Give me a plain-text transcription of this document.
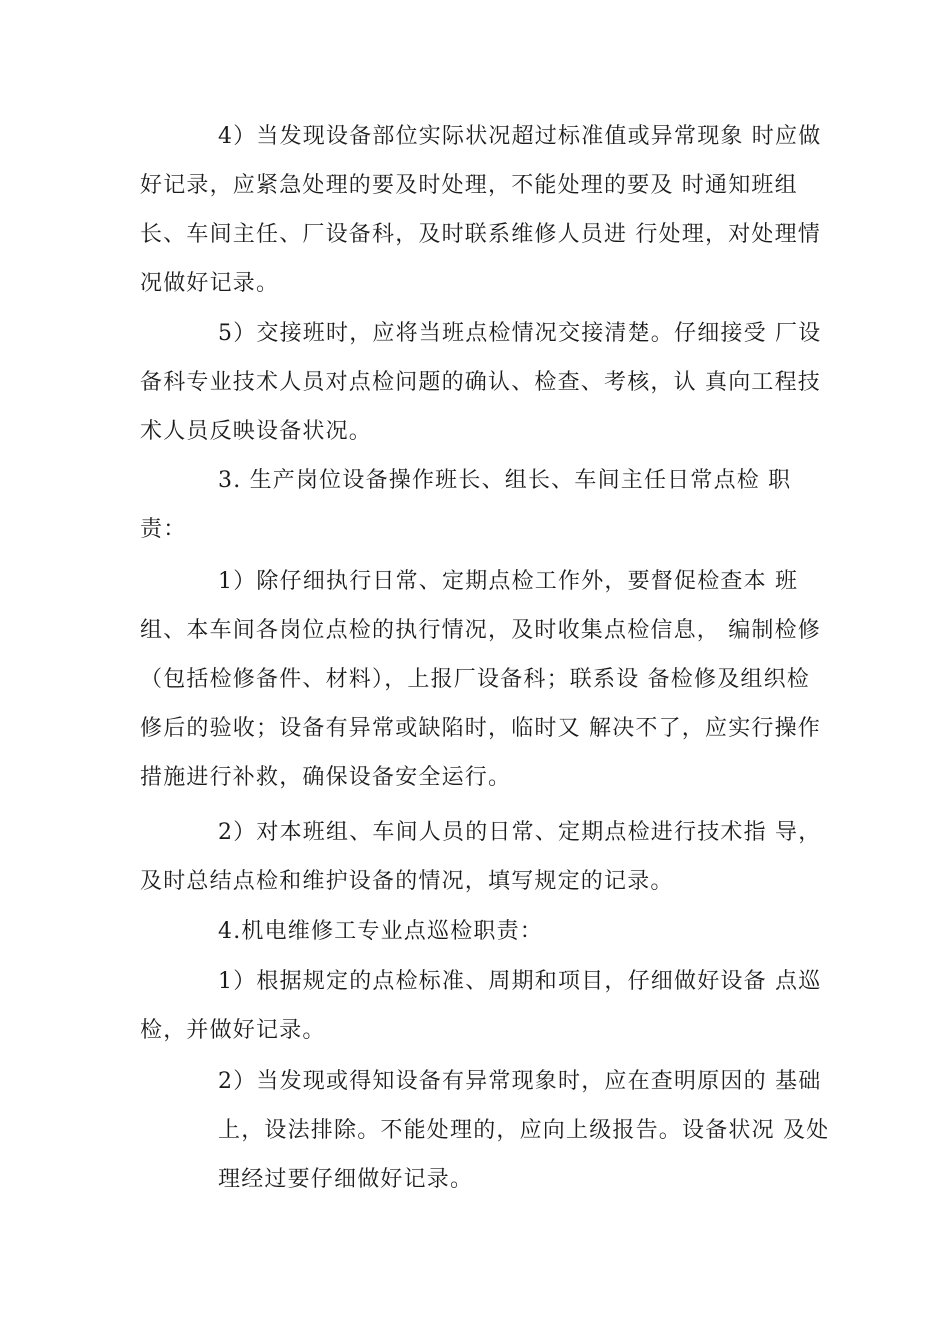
4）当发现设备部位实际状况超过标准值或异常现象 时应做
好记录，应紧急处理的要及时处理，不能处理的要及 时通知班组
长、车间主任、厂设备科，及时联系维修人员进 行处理，对处理情
况做好记录。
5）交接班时，应将当班点检情况交接清楚。仔细接受 厂设
备科专业技术人员对点检问题的确认、检查、考核，认 真向工程技
术人员反映设备状况。
3. 生产岗位设备操作班长、组长、车间主任日常点检 职
责：
1）除仔细执行日常、定期点检工作外，要督促检查本 班
组、本车间各岗位点检的执行情况，及时收集点检信息， 编制检修
（包括检修备件、材料），上报厂设备科；联系设 备检修及组织检
修后的验收；设备有异常或缺陷时，临时又 解决不了，应实行操作
措施进行补救，确保设备安全运行。
2）对本班组、车间人员的日常、定期点检进行技术指 导，
及时总结点检和维护设备的情况，填写规定的记录。
4.机电维修工专业点巡检职责：
1）根据规定的点检标准、周期和项目，仔细做好设备 点巡
检，并做好记录。
2）当发现或得知设备有异常现象时，应在查明原因的 基础
上，设法排除。不能处理的，应向上级报告。设备状况 及处
理经过要仔细做好记录。
